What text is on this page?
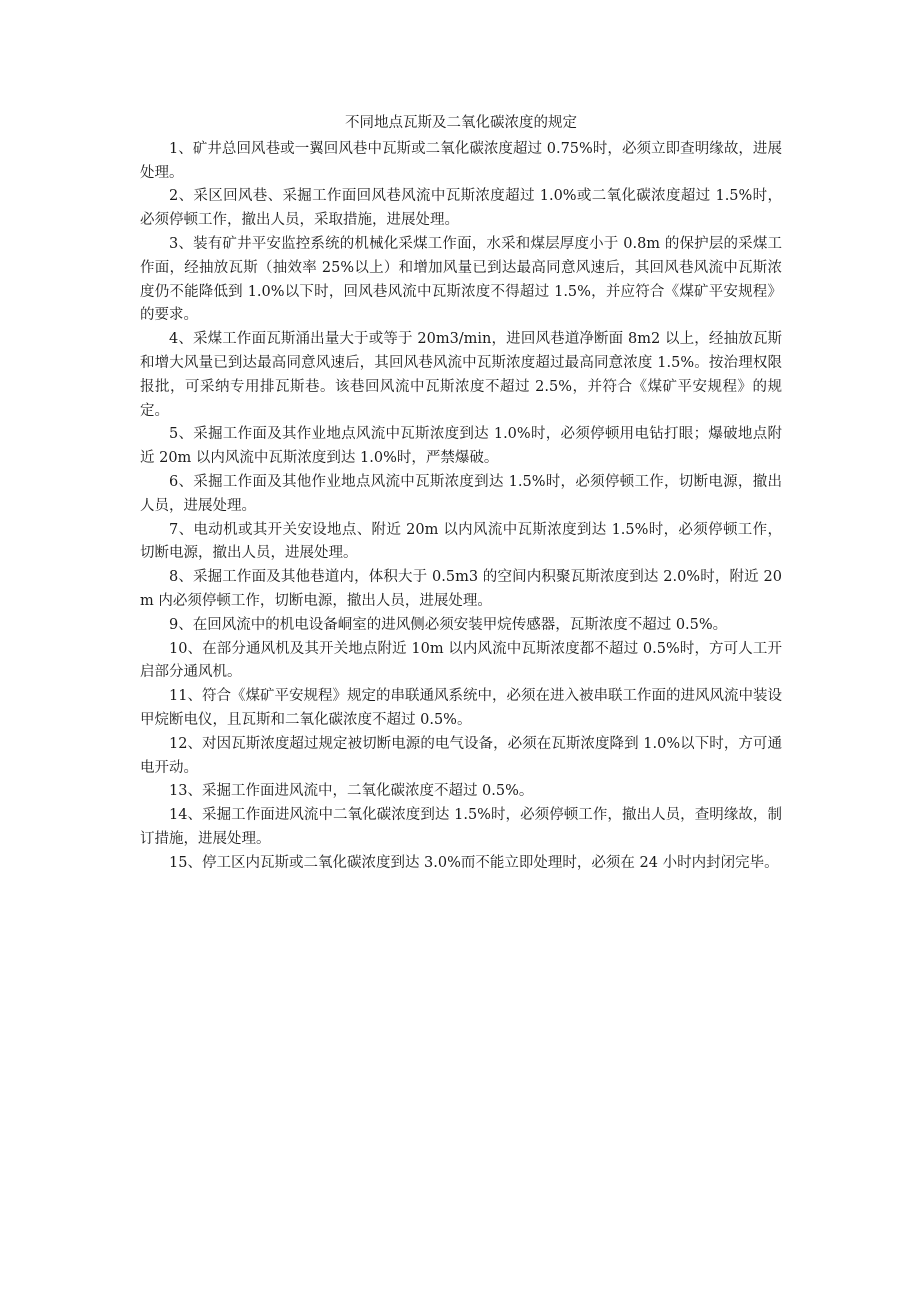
不同地点瓦斯及二氧化碳浓度的规定

1、矿井总回风巷或一翼回风巷中瓦斯或二氧化碳浓度超过 0.75%时，必须立即查明缘故，进展处理。

2、采区回风巷、采掘工作面回风巷风流中瓦斯浓度超过 1.0%或二氧化碳浓度超过 1.5%时，必须停顿工作，撤出人员，采取措施，进展处理。

3、装有矿井平安监控系统的机械化采煤工作面，水采和煤层厚度小于 0.8m 的保护层的采煤工作面，经抽放瓦斯（抽效率 25%以上）和增加风量已到达最高同意风速后，其回风巷风流中瓦斯浓度仍不能降低到 1.0%以下时，回风巷风流中瓦斯浓度不得超过 1.5%，并应符合《煤矿平安规程》的要求。

4、采煤工作面瓦斯涌出量大于或等于 20m3/min，进回风巷道净断面 8m2 以上，经抽放瓦斯和增大风量已到达最高同意风速后，其回风巷风流中瓦斯浓度超过最高同意浓度 1.5%。按治理权限报批，可采纳专用排瓦斯巷。该巷回风流中瓦斯浓度不超过 2.5%，并符合《煤矿平安规程》的规定。

5、采掘工作面及其作业地点风流中瓦斯浓度到达 1.0%时，必须停顿用电钻打眼；爆破地点附近 20m 以内风流中瓦斯浓度到达 1.0%时，严禁爆破。

6、采掘工作面及其他作业地点风流中瓦斯浓度到达 1.5%时，必须停顿工作，切断电源，撤出人员，进展处理。

7、电动机或其开关安设地点、附近 20m 以内风流中瓦斯浓度到达 1.5%时，必须停顿工作，切断电源，撤出人员，进展处理。

8、采掘工作面及其他巷道内，体积大于 0.5m3 的空间内积聚瓦斯浓度到达 2.0%时，附近 20m 内必须停顿工作，切断电源，撤出人员，进展处理。

9、在回风流中的机电设备峒室的进风侧必须安装甲烷传感器，瓦斯浓度不超过 0.5%。

10、在部分通风机及其开关地点附近 10m 以内风流中瓦斯浓度都不超过 0.5%时，方可人工开启部分通风机。

11、符合《煤矿平安规程》规定的串联通风系统中，必须在进入被串联工作面的进风风流中装设甲烷断电仪，且瓦斯和二氧化碳浓度不超过 0.5%。

12、对因瓦斯浓度超过规定被切断电源的电气设备，必须在瓦斯浓度降到 1.0%以下时，方可通电开动。

13、采掘工作面进风流中，二氧化碳浓度不超过 0.5%。

14、采掘工作面进风流中二氧化碳浓度到达 1.5%时，必须停顿工作，撤出人员，查明缘故，制订措施，进展处理。

15、停工区内瓦斯或二氧化碳浓度到达 3.0%而不能立即处理时，必须在 24 小时内封闭完毕。
